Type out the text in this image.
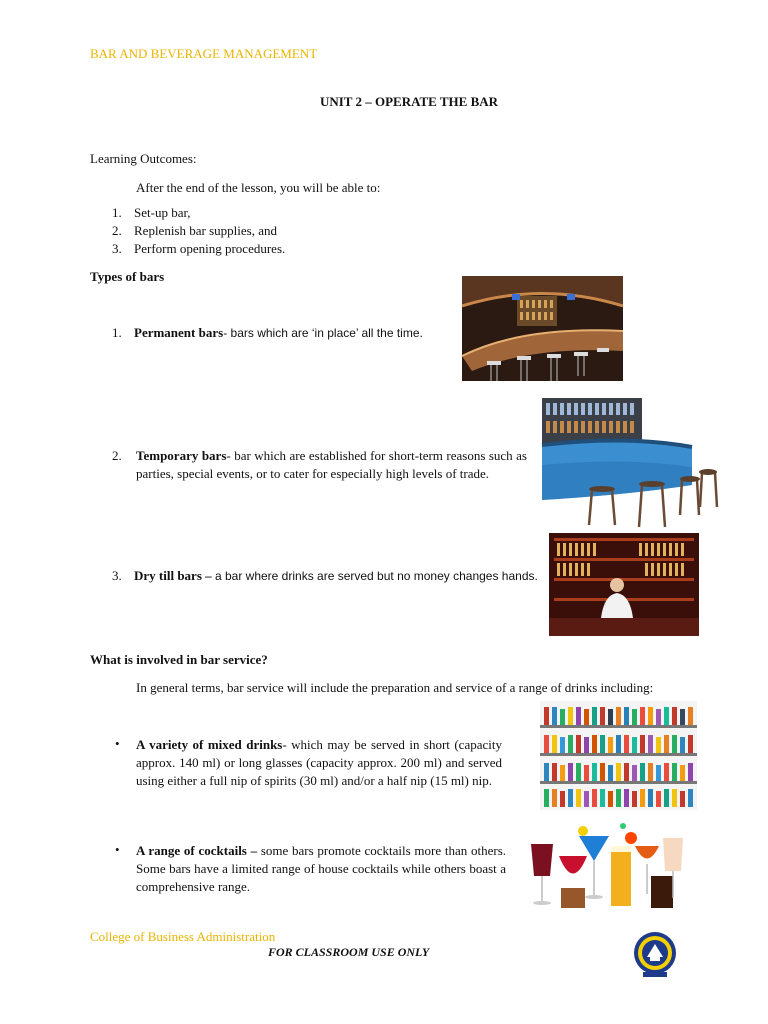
BAR AND BEVERAGE MANAGEMENT
UNIT 2 – OPERATE THE BAR
Learning Outcomes:
After the end of the lesson, you will be able to:
1. Set-up bar,
2. Replenish bar supplies, and
3. Perform opening procedures.
Types of bars
1. Permanent bars- bars which are ‘in place’ all the time.
2.	Temporary bars- bar which are established for short-term reasons such as parties, special events, or to cater for especially high levels of trade.
3. Dry till bars – a bar where drinks are served but no money changes hands.
What is involved in bar service?
In general terms, bar service will include the preparation and service of a range of drinks including:
• A variety of mixed drinks- which may be served in short (capacity approx. 140 ml) or long glasses (capacity approx. 200 ml) and served using either a full nip of spirits (30 ml) and/or a half nip (15 ml) nip.
• A range of cocktails – some bars promote cocktails more than others. Some bars have a limited range of house cocktails while others boast a comprehensive range.
College of Business Administration
FOR CLASSROOM USE ONLY
